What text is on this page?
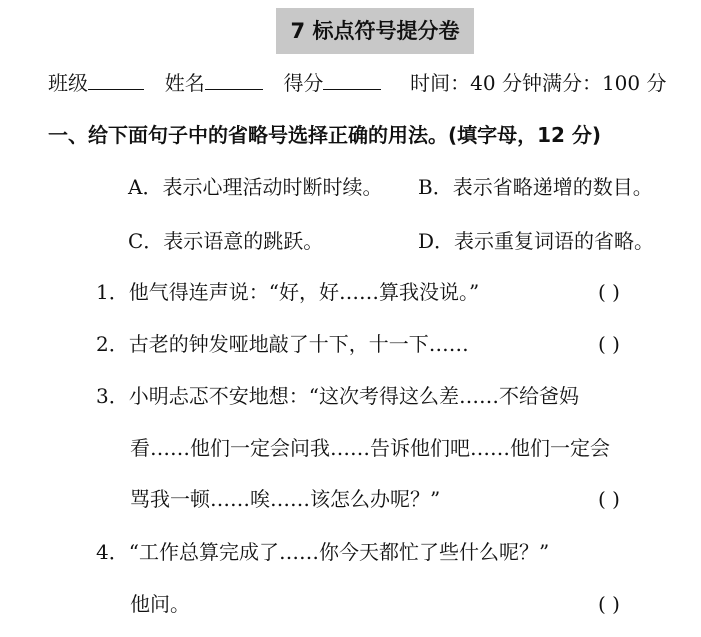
7 标点符号提分卷
班级	姓名	得分	时间：40 分钟满分：100 分
一、给下面句子中的省略号选择正确的用法。(填字母，12 分)
A．表示心理活动时断时续。 B．表示省略递增的数目。
C．表示语意的跳跃。	D．表示重复词语的省略。
1．他气得连声说：“好，好……算我没说。”	( )
2．古老的钟发哑地敲了十下，十一下……	( )
3．小明忐忑不安地想：“这次考得这么差……不给爸妈
看……他们一定会问我……告诉他们吧……他们一定会
骂我一顿……唉……该怎么办呢？”	( )
4．“工作总算完成了……你今天都忙了些什么呢？”
他问。	( )
